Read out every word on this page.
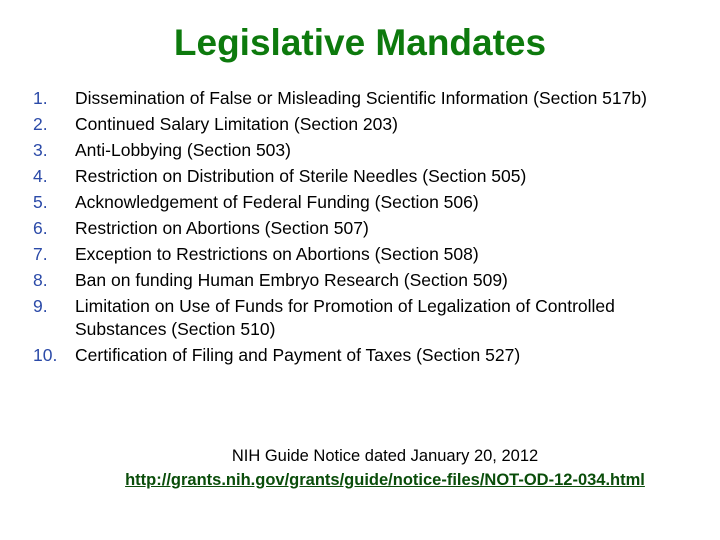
Legislative Mandates
1.	Dissemination of False or Misleading Scientific Information (Section 517b)
2.	Continued Salary Limitation (Section 203)
3.	Anti-Lobbying (Section 503)
4.	Restriction on Distribution of Sterile Needles (Section 505)
5.	Acknowledgement of Federal Funding (Section 506)
6.	Restriction on Abortions (Section 507)
7.	Exception to Restrictions on Abortions (Section 508)
8.	Ban on funding Human Embryo Research (Section 509)
9.	Limitation on Use of Funds for Promotion of Legalization of Controlled Substances (Section 510)
10.	Certification of Filing and Payment of Taxes (Section 527)
NIH Guide Notice dated January 20, 2012
http://grants.nih.gov/grants/guide/notice-files/NOT-OD-12-034.html
